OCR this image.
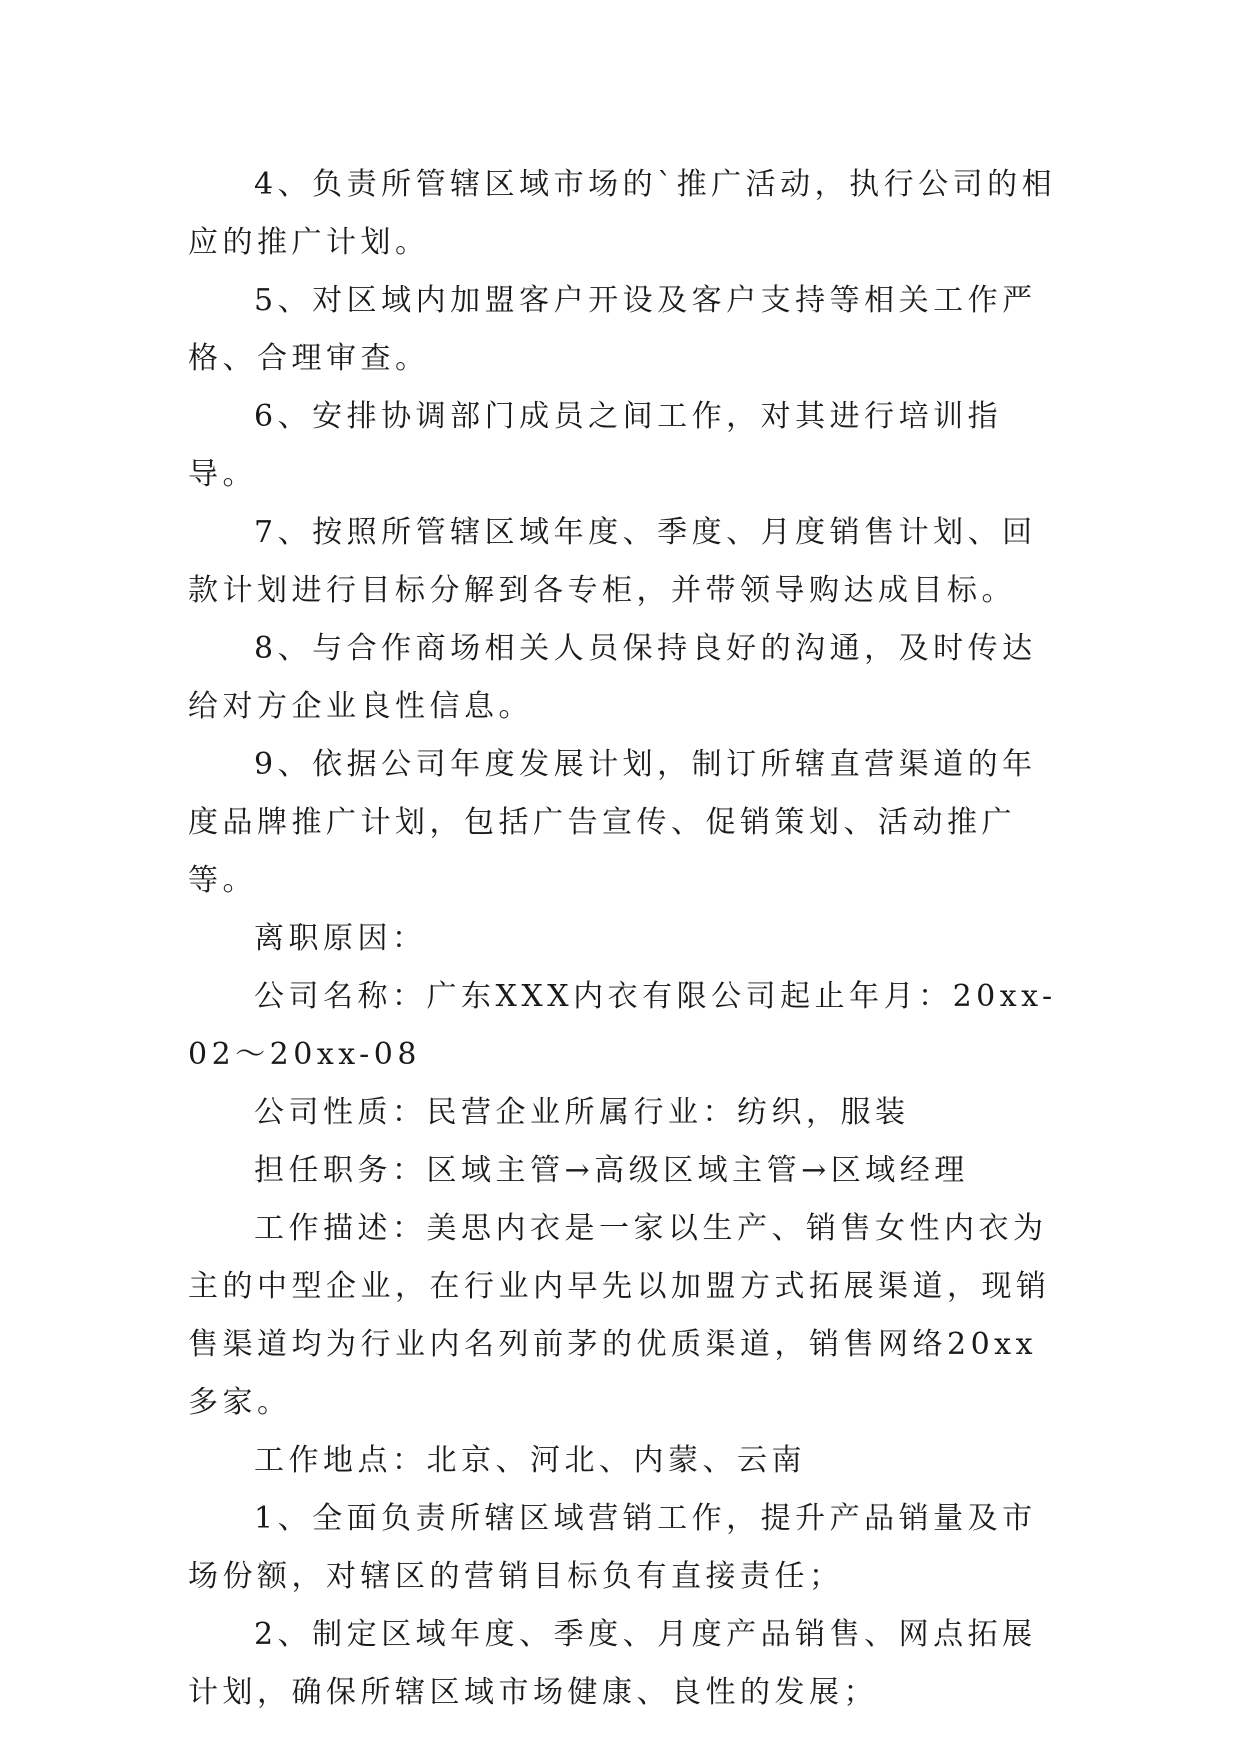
4、负责所管辖区域市场的`推广活动，执行公司的相应的推广计划。

5、对区域内加盟客户开设及客户支持等相关工作严格、合理审查。

6、安排协调部门成员之间工作，对其进行培训指导。

7、按照所管辖区域年度、季度、月度销售计划、回款计划进行目标分解到各专柜，并带领导购达成目标。

8、与合作商场相关人员保持良好的沟通，及时传达给对方企业良性信息。

9、依据公司年度发展计划，制订所辖直营渠道的年度品牌推广计划，包括广告宣传、促销策划、活动推广等。

离职原因：

公司名称：广东XXX内衣有限公司起止年月：20xx-02～20xx-08

公司性质：民营企业所属行业：纺织，服装

担任职务：区域主管→高级区域主管→区域经理

工作描述：美思内衣是一家以生产、销售女性内衣为主的中型企业，在行业内早先以加盟方式拓展渠道，现销售渠道均为行业内名列前茅的优质渠道，销售网络20xx多家。

工作地点：北京、河北、内蒙、云南

1、全面负责所辖区域营销工作，提升产品销量及市场份额，对辖区的营销目标负有直接责任；

2、制定区域年度、季度、月度产品销售、网点拓展计划，确保所辖区域市场健康、良性的发展；
